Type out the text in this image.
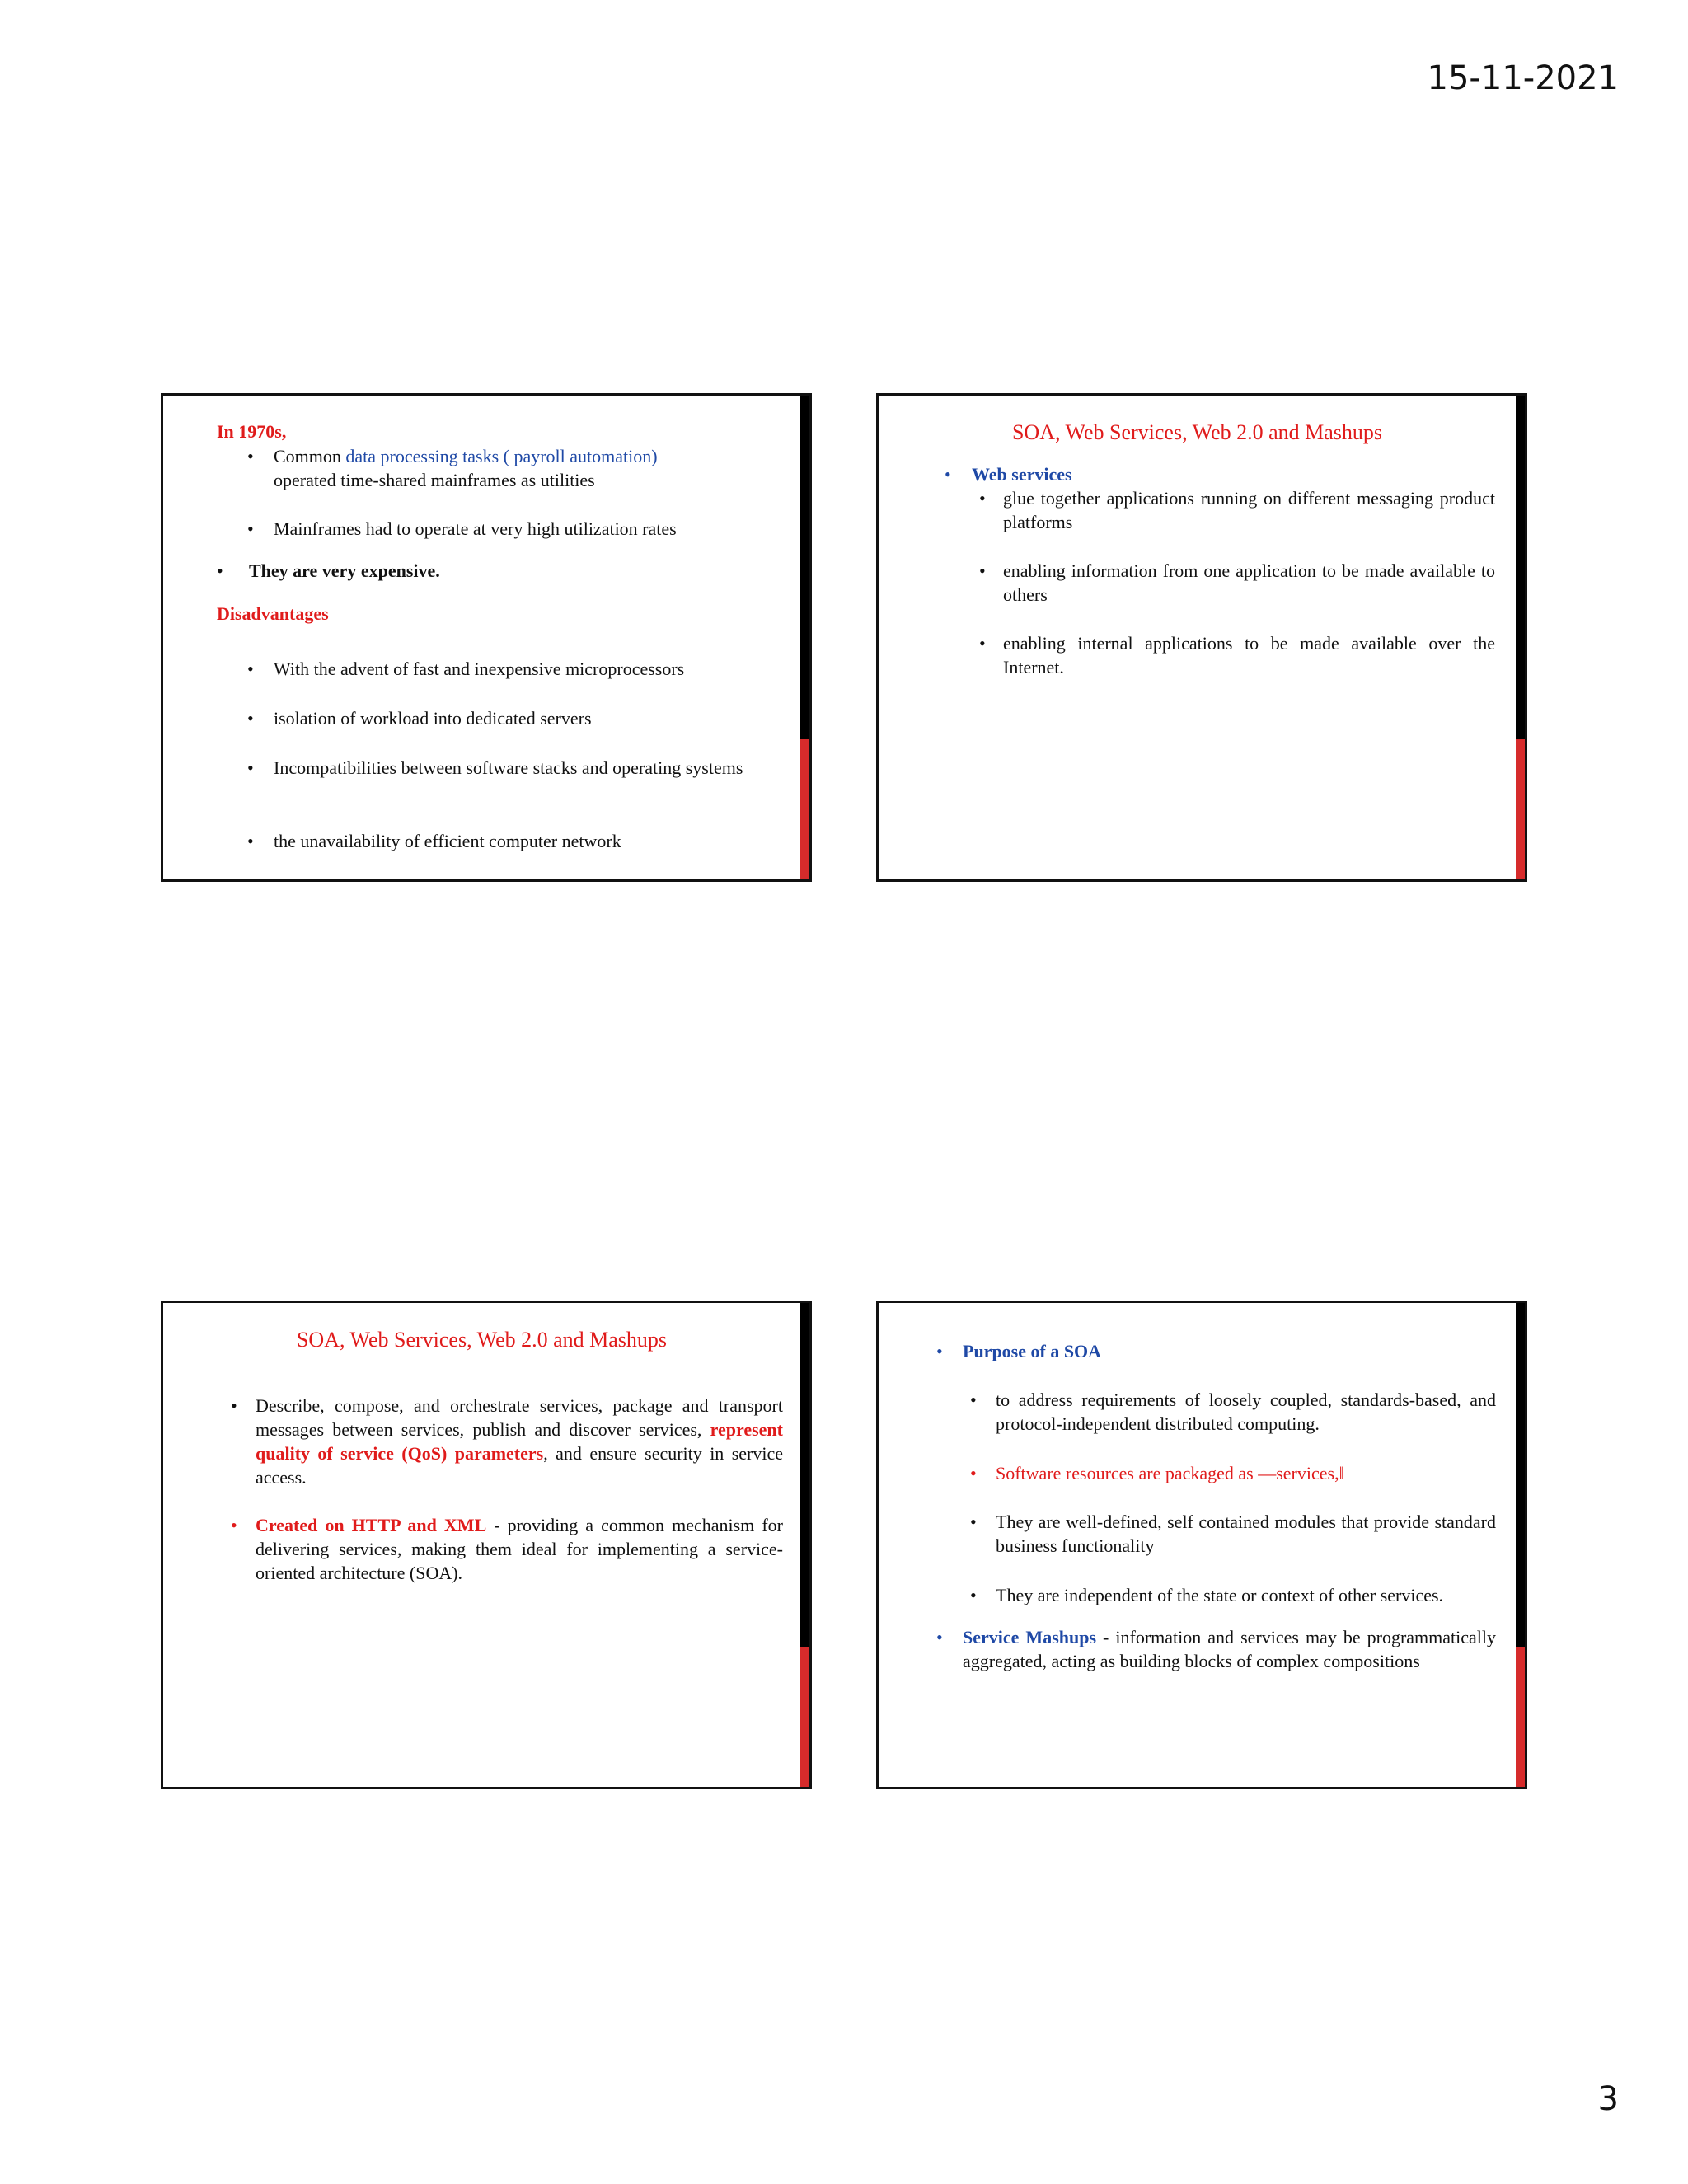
15-11-2021
In 1970s,
• Common data processing tasks ( payroll automation)
operated time-shared mainframes as utilities
• Mainframes had to operate at very high utilization rates
• They are very expensive.
Disadvantages
• With the advent of fast and inexpensive microprocessors
• isolation of workload into dedicated servers
• Incompatibilities between software stacks and operating systems
• the unavailability of efficient computer network
SOA, Web Services, Web 2.0 and Mashups
• Web services
• glue together applications running on different messaging product platforms
• enabling information from one application to be made available to others
• enabling internal applications to be made available over the Internet.
SOA, Web Services, Web 2.0 and Mashups
• Describe, compose, and orchestrate services, package and transport messages between services, publish and discover services, represent quality of service (QoS) parameters, and ensure security in service access.
• Created on HTTP and XML - providing a common mechanism for delivering services, making them ideal for implementing a service-oriented architecture (SOA).
• Purpose of a SOA
• to address requirements of loosely coupled, standards-based, and protocol-independent distributed computing.
• Software resources are packaged as ―services,‖
• They are well-defined, self contained modules that provide standard business functionality
• They are independent of the state or context of other services.
• Service Mashups - information and services may be programmatically aggregated, acting as building blocks of complex compositions
3
